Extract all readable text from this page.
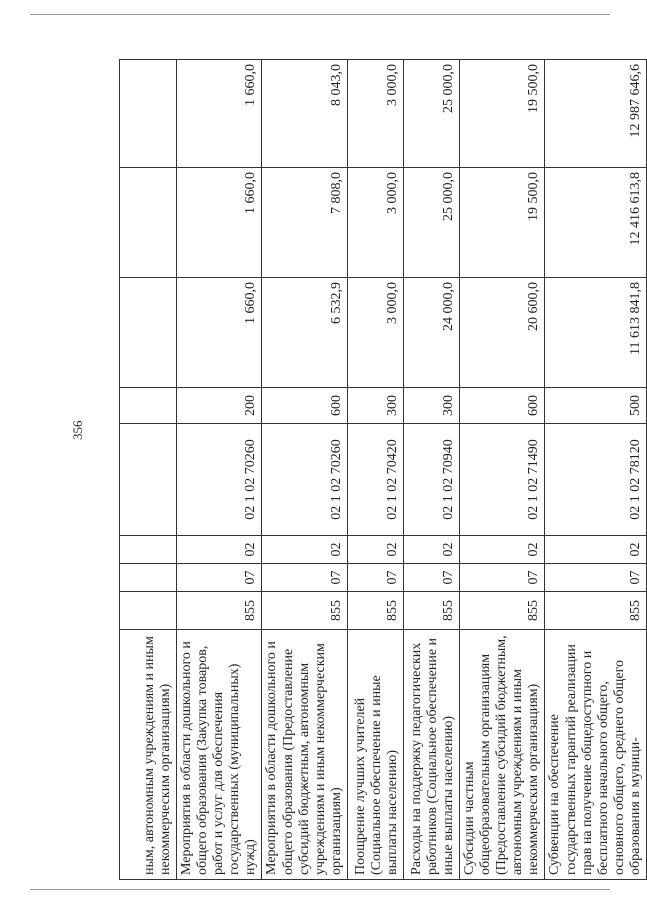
356
ным, автономным учреждениям и иным некоммерческим организациям)								
Мероприятия в области дошкольного и общего образования (Закупка товаров, работ и услуг для обеспечения государственных (муниципальных) нужд)	855	07	02	02 1 02 70260	200	1 660,0	1 660,0	1 660,0
Мероприятия в области дошкольного и общего образования (Предоставление субсидий бюджетным, автономным учреждениям и иным некоммерческим организациям)	855	07	02	02 1 02 70260	600	6 532,9	7 808,0	8 043,0
Поощрение лучших учителей (Социальное обеспечение и иные выплаты населению)	855	07	02	02 1 02 70420	300	3 000,0	3 000,0	3 000,0
Расходы на поддержку педагогических работников (Социальное обеспечение и иные выплаты населению)	855	07	02	02 1 02 70940	300	24 000,0	25 000,0	25 000,0
Субсидии частным общеобразовательным организациям (Предоставление субсидий бюджетным, автономным учреждениям и иным некоммерческим организациям)	855	07	02	02 1 02 71490	600	20 600,0	19 500,0	19 500,0
Субвенции на обеспечение государственных гарантий реализации прав на получение общедоступного и бесплатного начального общего, основного общего, среднего общего образования в муници-	855	07	02	02 1 02 78120	500	11 613 841,8	12 416 613,8	12 987 646,6
